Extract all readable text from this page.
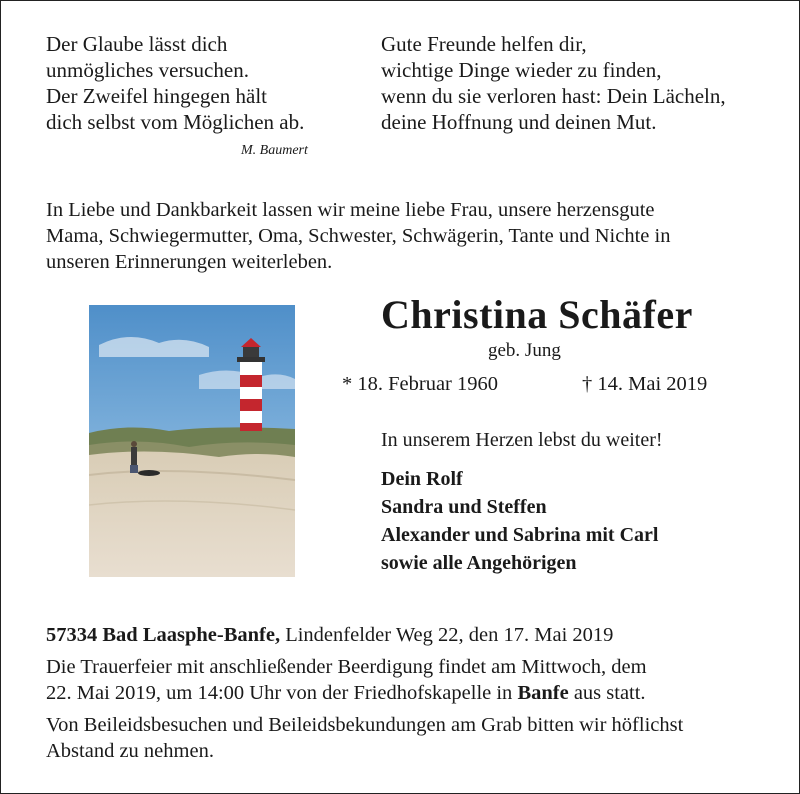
Der Glaube lässt dich
unmögliches versuchen.
Der Zweifel hingegen hält
dich selbst vom Möglichen ab.
M. Baumert
Gute Freunde helfen dir,
wichtige Dinge wieder zu finden,
wenn du sie verloren hast: Dein Lächeln,
deine Hoffnung und deinen Mut.
In Liebe und Dankbarkeit lassen wir meine liebe Frau, unsere herzensgute
Mama, Schwiegermutter, Oma, Schwester, Schwägerin, Tante und Nichte in
unseren Erinnerungen weiterleben.
Christina Schäfer
geb. Jung
* 18. Februar 1960	† 14. Mai 2019
In unserem Herzen lebst du weiter!
Dein Rolf
Sandra und Steffen
Alexander und Sabrina mit Carl
sowie alle Angehörigen
57334 Bad Laasphe-Banfe, Lindenfelder Weg 22, den 17. Mai 2019
Die Trauerfeier mit anschließender Beerdigung findet am Mittwoch, dem
22. Mai 2019, um 14:00 Uhr von der Friedhofskapelle in Banfe aus statt.
Von Beileidsbesuchen und Beileidsbekundungen am Grab bitten wir höflichst
Abstand zu nehmen.
